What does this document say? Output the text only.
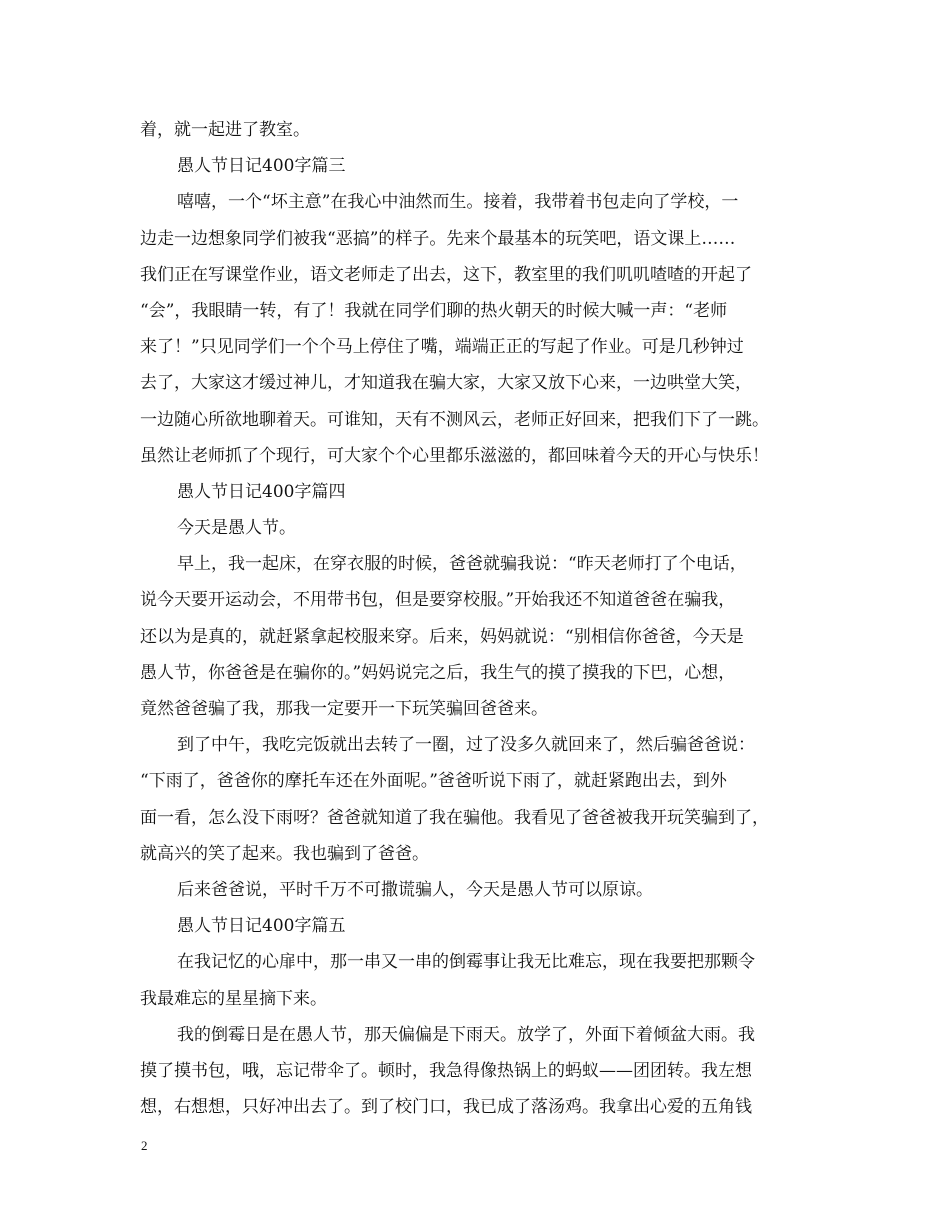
着，就一起进了教室。
愚人节日记400字篇三
嘻嘻，一个“坏主意”在我心中油然而生。接着，我带着书包走向了学校，一
边走一边想象同学们被我“恶搞”的样子。先来个最基本的玩笑吧，语文课上……
我们正在写课堂作业，语文老师走了出去，这下，教室里的我们叽叽喳喳的开起了
“会”，我眼睛一转，有了！我就在同学们聊的热火朝天的时候大喊一声：“老师
来了！”只见同学们一个个马上停住了嘴，端端正正的写起了作业。可是几秒钟过
去了，大家这才缓过神儿，才知道我在骗大家，大家又放下心来，一边哄堂大笑，
一边随心所欲地聊着天。可谁知，天有不测风云，老师正好回来，把我们下了一跳。
虽然让老师抓了个现行，可大家个个心里都乐滋滋的，都回味着今天的开心与快乐！
愚人节日记400字篇四
今天是愚人节。
早上，我一起床，在穿衣服的时候，爸爸就骗我说：“昨天老师打了个电话，
说今天要开运动会，不用带书包，但是要穿校服。”开始我还不知道爸爸在骗我，
还以为是真的，就赶紧拿起校服来穿。后来，妈妈就说：“别相信你爸爸，今天是
愚人节，你爸爸是在骗你的。”妈妈说完之后，我生气的摸了摸我的下巴，心想，
竟然爸爸骗了我，那我一定要开一下玩笑骗回爸爸来。
到了中午，我吃完饭就出去转了一圈，过了没多久就回来了，然后骗爸爸说：
“下雨了，爸爸你的摩托车还在外面呢。”爸爸听说下雨了，就赶紧跑出去，到外
面一看，怎么没下雨呀？爸爸就知道了我在骗他。我看见了爸爸被我开玩笑骗到了，
就高兴的笑了起来。我也骗到了爸爸。
后来爸爸说，平时千万不可撒谎骗人，今天是愚人节可以原谅。
愚人节日记400字篇五
在我记忆的心扉中，那一串又一串的倒霉事让我无比难忘，现在我要把那颗令
我最难忘的星星摘下来。
我的倒霉日是在愚人节，那天偏偏是下雨天。放学了，外面下着倾盆大雨。我
摸了摸书包，哦，忘记带伞了。顿时，我急得像热锅上的蚂蚁——团团转。我左想
想，右想想，只好冲出去了。到了校门口，我已成了落汤鸡。我拿出心爱的五角钱
2
